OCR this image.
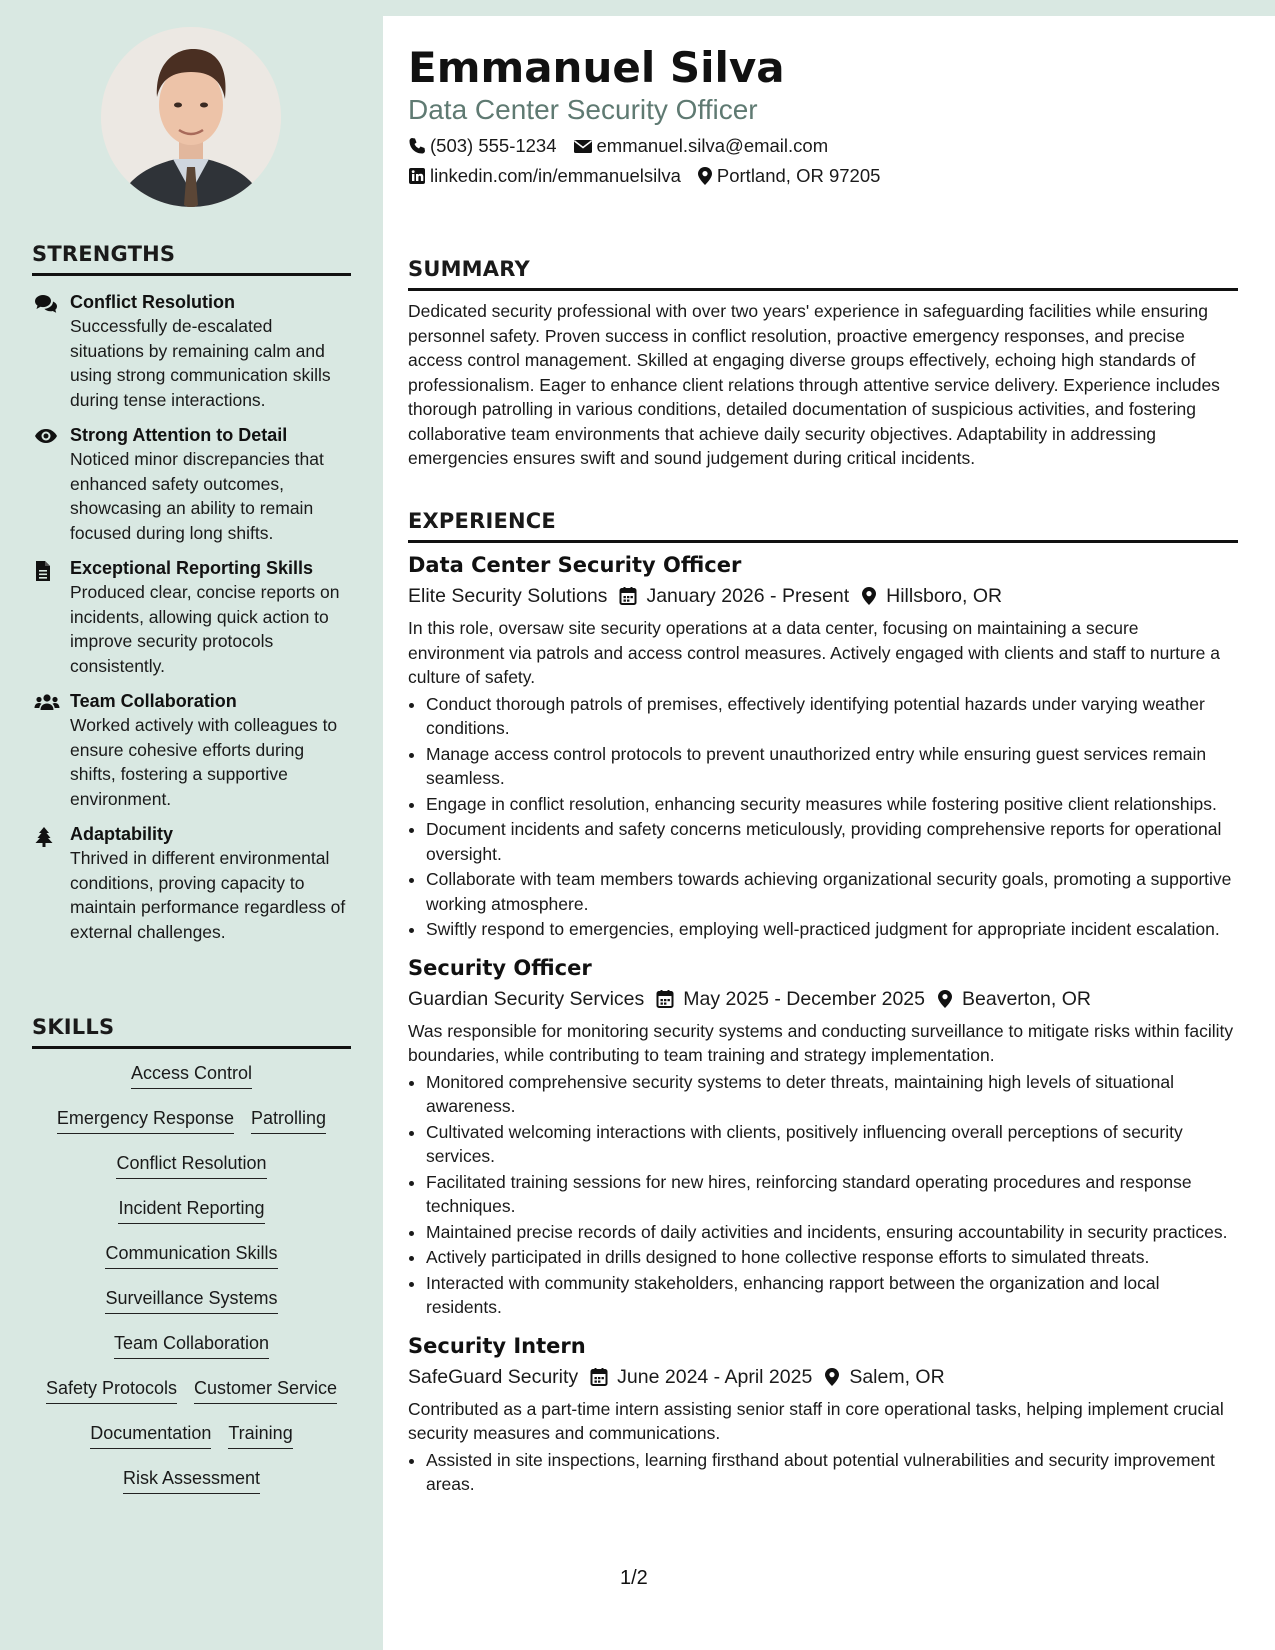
STRENGTHS
Conflict Resolution
Successfully de-escalated situations by remaining calm and using strong communication skills during tense interactions.
Strong Attention to Detail
Noticed minor discrepancies that enhanced safety outcomes, showcasing an ability to remain focused during long shifts.
Exceptional Reporting Skills
Produced clear, concise reports on incidents, allowing quick action to improve security protocols consistently.
Team Collaboration
Worked actively with colleagues to ensure cohesive efforts during shifts, fostering a supportive environment.
Adaptability
Thrived in different environmental conditions, proving capacity to maintain performance regardless of external challenges.
SKILLS
Access Control
Emergency Response Patrolling
Conflict Resolution
Incident Reporting
Communication Skills
Surveillance Systems
Team Collaboration
Safety Protocols Customer Service
Documentation Training
Risk Assessment
Emmanuel Silva
Data Center Security Officer
(503) 555-1234 emmanuel.silva@email.com
linkedin.com/in/emmanuelsilva Portland, OR 97205
SUMMARY

Dedicated security professional with over two years' experience in safeguarding facilities while ensuring personnel safety. Proven success in conflict resolution, proactive emergency responses, and precise access control management. Skilled at engaging diverse groups effectively, echoing high standards of professionalism. Eager to enhance client relations through attentive service delivery. Experience includes thorough patrolling in various conditions, detailed documentation of suspicious activities, and fostering collaborative team environments that achieve daily security objectives. Adaptability in addressing emergencies ensures swift and sound judgement during critical incidents.

EXPERIENCE
Data Center Security Officer
Elite Security Solutions January 2026 - Present Hillsboro, OR
In this role, oversaw site security operations at a data center, focusing on maintaining a secure environment via patrols and access control measures. Actively engaged with clients and staff to nurture a culture of safety.
• Conduct thorough patrols of premises, effectively identifying potential hazards under varying weather conditions.
• Manage access control protocols to prevent unauthorized entry while ensuring guest services remain seamless.
• Engage in conflict resolution, enhancing security measures while fostering positive client relationships.
• Document incidents and safety concerns meticulously, providing comprehensive reports for operational oversight.
• Collaborate with team members towards achieving organizational security goals, promoting a supportive working atmosphere.
• Swiftly respond to emergencies, employing well-practiced judgment for appropriate incident escalation.
Security Officer
Guardian Security Services May 2025 - December 2025 Beaverton, OR
Was responsible for monitoring security systems and conducting surveillance to mitigate risks within facility boundaries, while contributing to team training and strategy implementation.
• Monitored comprehensive security systems to deter threats, maintaining high levels of situational awareness.
• Cultivated welcoming interactions with clients, positively influencing overall perceptions of security services.
• Facilitated training sessions for new hires, reinforcing standard operating procedures and response techniques.
• Maintained precise records of daily activities and incidents, ensuring accountability in security practices.
• Actively participated in drills designed to hone collective response efforts to simulated threats.
• Interacted with community stakeholders, enhancing rapport between the organization and local residents.
Security Intern
SafeGuard Security June 2024 - April 2025 Salem, OR
Contributed as a part-time intern assisting senior staff in core operational tasks, helping implement crucial security measures and communications.
• Assisted in site inspections, learning firsthand about potential vulnerabilities and security improvement areas.
1/2
